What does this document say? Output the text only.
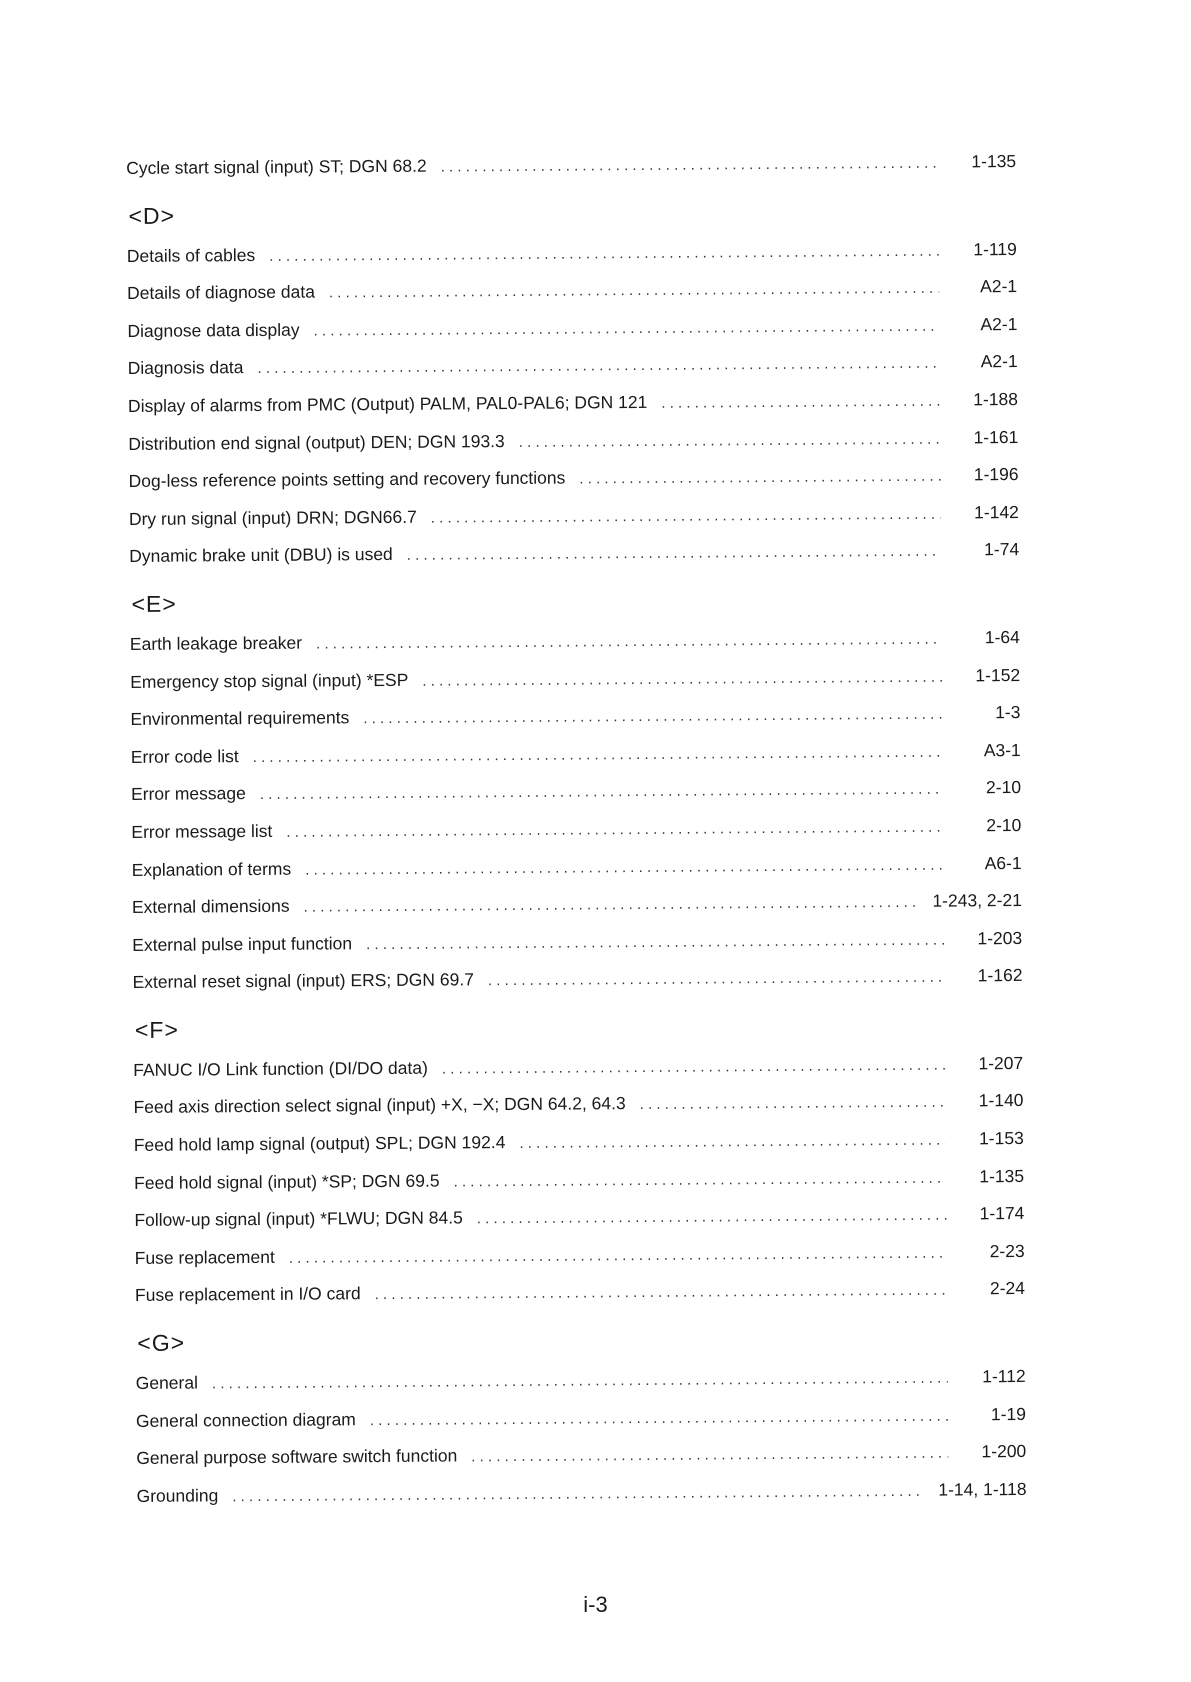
Cycle start signal (input) ST; DGN 68.2 . . .	1-135
<D>
Details of cables . . .	1-119
Details of diagnose data . . .	A2-1
Diagnose data display . . .	A2-1
Diagnosis data . . .	A2-1
Display of alarms from PMC (Output) PALM, PAL0-PAL6; DGN 121 . . .	1-188
Distribution end signal (output) DEN; DGN 193.3 . . .	1-161
Dog-less reference points setting and recovery functions . . .	1-196
Dry run signal (input) DRN; DGN66.7 . . .	1-142
Dynamic brake unit (DBU) is used . . .	1-74
<E>
Earth leakage breaker . . .	1-64
Emergency stop signal (input) *ESP . . .	1-152
Environmental requirements . . .	1-3
Error code list . . .	A3-1
Error message . . .	2-10
Error message list . . .	2-10
Explanation of terms . . .	A6-1
External dimensions . . .	1-243, 2-21
External pulse input function . . .	1-203
External reset signal (input) ERS; DGN 69.7 . . .	1-162
<F>
FANUC I/O Link function (DI/DO data) . . .	1-207
Feed axis direction select signal (input) +X, −X; DGN 64.2, 64.3 . . .	1-140
Feed hold lamp signal (output) SPL; DGN 192.4 . . .	1-153
Feed hold signal (input) *SP; DGN 69.5 . . .	1-135
Follow-up signal (input) *FLWU; DGN 84.5 . . .	1-174
Fuse replacement . . .	2-23
Fuse replacement in I/O card . . .	2-24
<G>
General . . .	1-112
General connection diagram . . .	1-19
General purpose software switch function . . .	1-200
Grounding . . .	1-14, 1-118
i-3
